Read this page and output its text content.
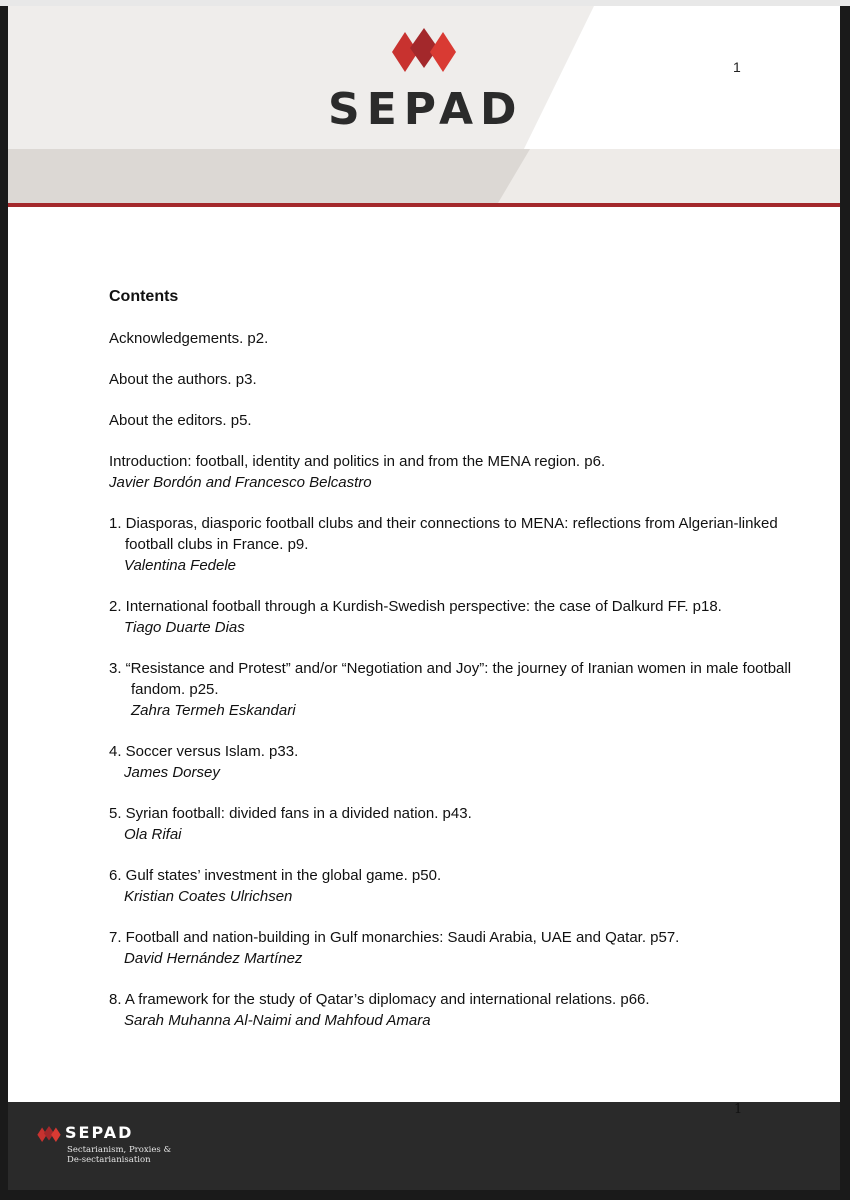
SEPAD
1
Contents
Acknowledgements. p2.
About the authors. p3.
About the editors. p5.
Introduction: football, identity and politics in and from the MENA region. p6.
Javier Bordón and Francesco Belcastro
1. Diasporas, diasporic football clubs and their connections to MENA: reflections from Algerian-linked football clubs in France. p9.
Valentina Fedele
2. International football through a Kurdish-Swedish perspective: the case of Dalkurd FF. p18.
Tiago Duarte Dias
3. “Resistance and Protest” and/or “Negotiation and Joy”: the journey of Iranian women in male football fandom. p25.
Zahra Termeh Eskandari
4. Soccer versus Islam. p33.
James Dorsey
5. Syrian football: divided fans in a divided nation. p43.
Ola Rifai
6. Gulf states’ investment in the global game. p50.
Kristian Coates Ulrichsen
7. Football and nation-building in Gulf monarchies: Saudi Arabia, UAE and Qatar. p57.
David Hernández Martínez
8. A framework for the study of Qatar’s diplomacy and international relations. p66.
Sarah Muhanna Al-Naimi and Mahfoud Amara
SEPAD
Sectarianism, Proxies &
De-sectarianisation
1
